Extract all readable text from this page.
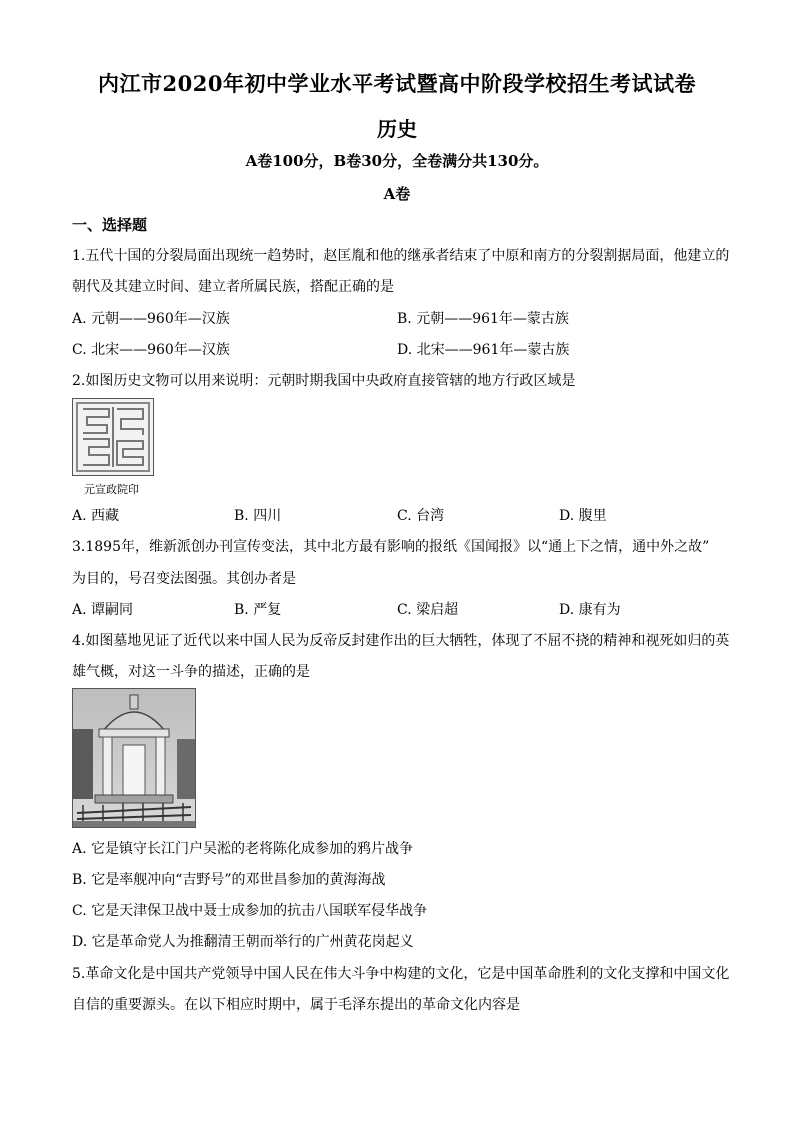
内江市2020年初中学业水平考试暨高中阶段学校招生考试试卷
历史
A卷100分，B卷30分，全卷满分共130分。
A卷
一、选择题
1.五代十国的分裂局面出现统一趋势时，赵匡胤和他的继承者结束了中原和南方的分裂割据局面，他建立的
朝代及其建立时间、建立者所属民族，搭配正确的是
A. 元朝——960年—汉族	B. 元朝——961年—蒙古族
C. 北宋——960年—汉族	D. 北宋——961年—蒙古族
2.如图历史文物可以用来说明：元朝时期我国中央政府直接管辖的地方行政区域是
元宣政院印
A. 西藏	B. 四川	C. 台湾	D. 腹里
3.1895年，维新派创办刊宣传变法，其中北方最有影响的报纸《国闻报》以“通上下之情，通中外之故”
为目的，号召变法图强。其创办者是
A. 谭嗣同	B. 严复	C. 梁启超	D. 康有为
4.如图墓地见证了近代以来中国人民为反帝反封建作出的巨大牺牲，体现了不屈不挠的精神和视死如归的英
雄气概，对这一斗争的描述，正确的是
A. 它是镇守长江门户吴淞的老将陈化成参加的鸦片战争
B. 它是率舰冲向“吉野号”的邓世昌参加的黄海海战
C. 它是天津保卫战中聂士成参加的抗击八国联军侵华战争
D. 它是革命党人为推翻清王朝而举行的广州黄花岗起义
5.革命文化是中国共产党领导中国人民在伟大斗争中构建的文化，它是中国革命胜利的文化支撑和中国文化
自信的重要源头。在以下相应时期中，属于毛泽东提出的革命文化内容是
